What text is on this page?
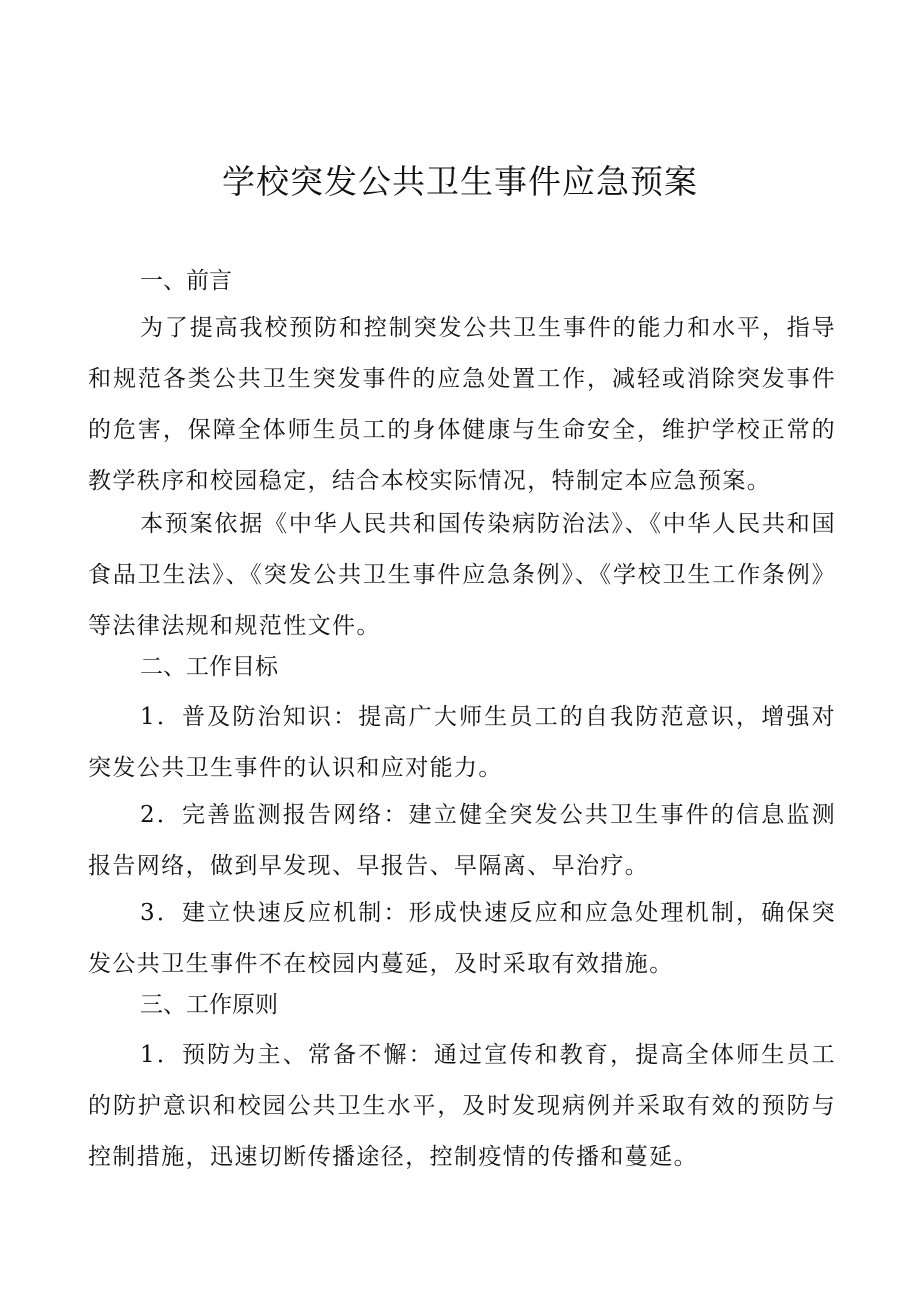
学校突发公共卫生事件应急预案
一、前言

为了提高我校预防和控制突发公共卫生事件的能力和水平，指导和规范各类公共卫生突发事件的应急处置工作，减轻或消除突发事件的危害，保障全体师生员工的身体健康与生命安全，维护学校正常的教学秩序和校园稳定，结合本校实际情况，特制定本应急预案。

本预案依据《中华人民共和国传染病防治法》、《中华人民共和国食品卫生法》、《突发公共卫生事件应急条例》、《学校卫生工作条例》等法律法规和规范性文件。

二、工作目标

1．普及防治知识：提高广大师生员工的自我防范意识，增强对突发公共卫生事件的认识和应对能力。

2．完善监测报告网络：建立健全突发公共卫生事件的信息监测报告网络，做到早发现、早报告、早隔离、早治疗。

3．建立快速反应机制：形成快速反应和应急处理机制，确保突发公共卫生事件不在校园内蔓延，及时采取有效措施。

三、工作原则

1．预防为主、常备不懈：通过宣传和教育，提高全体师生员工的防护意识和校园公共卫生水平，及时发现病例并采取有效的预防与控制措施，迅速切断传播途径，控制疫情的传播和蔓延。
